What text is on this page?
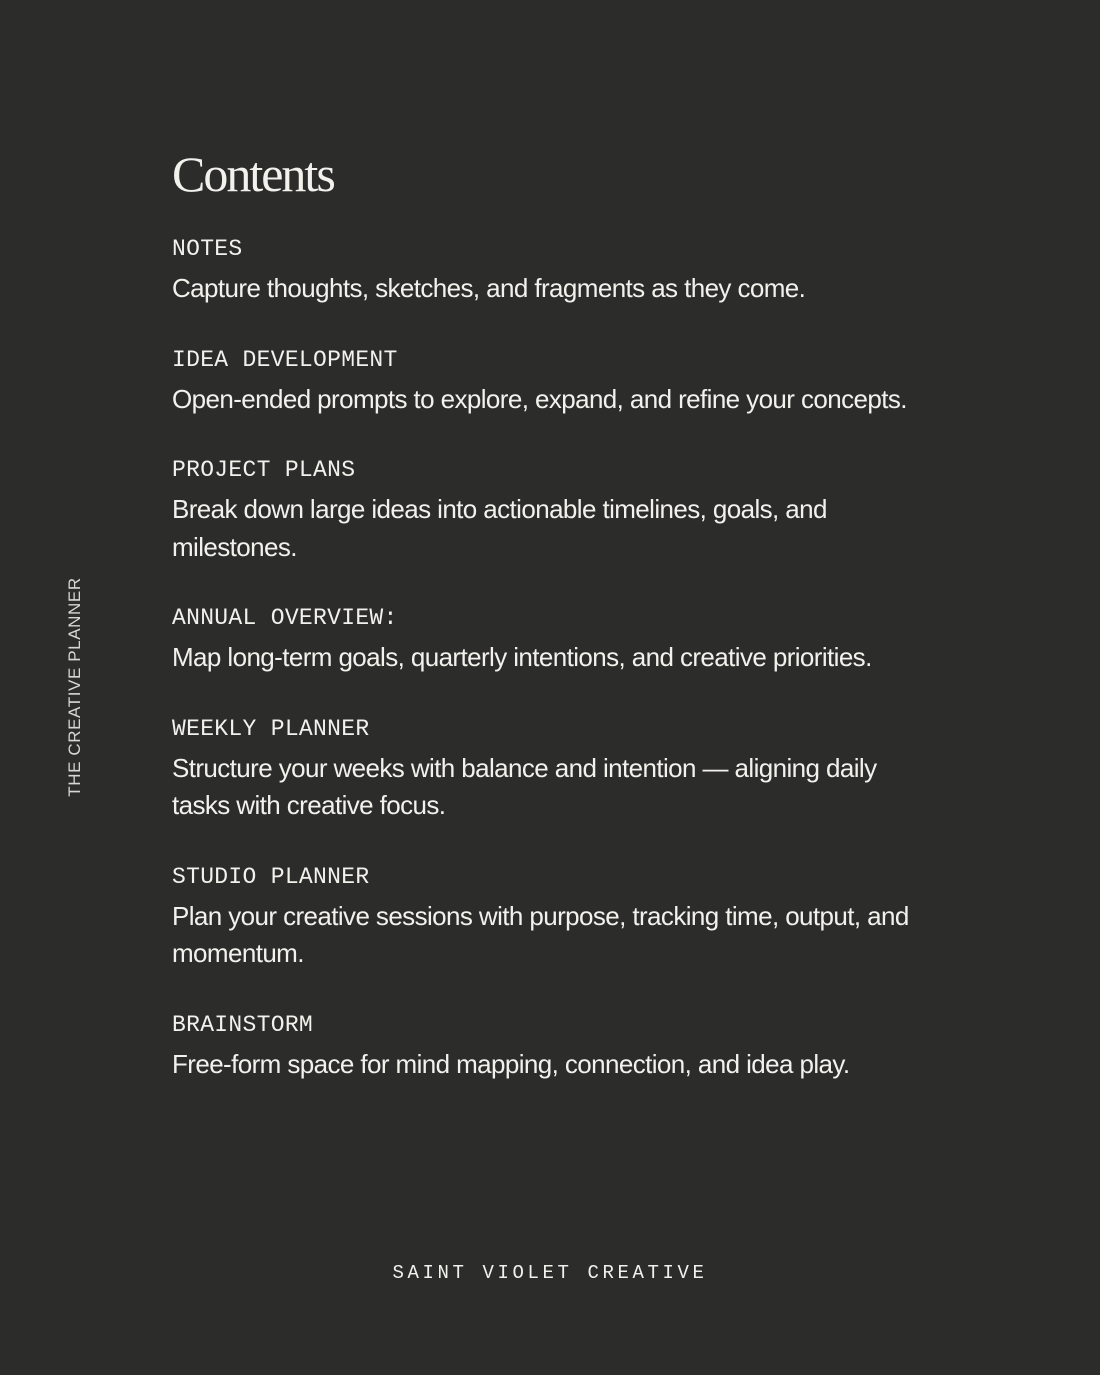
THE CREATIVE PLANNER
Contents
NOTES
Capture thoughts, sketches, and fragments as they come.
IDEA DEVELOPMENT
Open-ended prompts to explore, expand, and refine your concepts.
PROJECT PLANS
Break down large ideas into actionable timelines, goals, and milestones.
ANNUAL OVERVIEW:
Map long-term goals, quarterly intentions, and creative priorities.
WEEKLY PLANNER
Structure your weeks with balance and intention — aligning daily tasks with creative focus.
STUDIO PLANNER
Plan your creative sessions with purpose, tracking time, output, and momentum.
BRAINSTORM
Free-form space for mind mapping, connection, and idea play.
SAINT VIOLET CREATIVE
